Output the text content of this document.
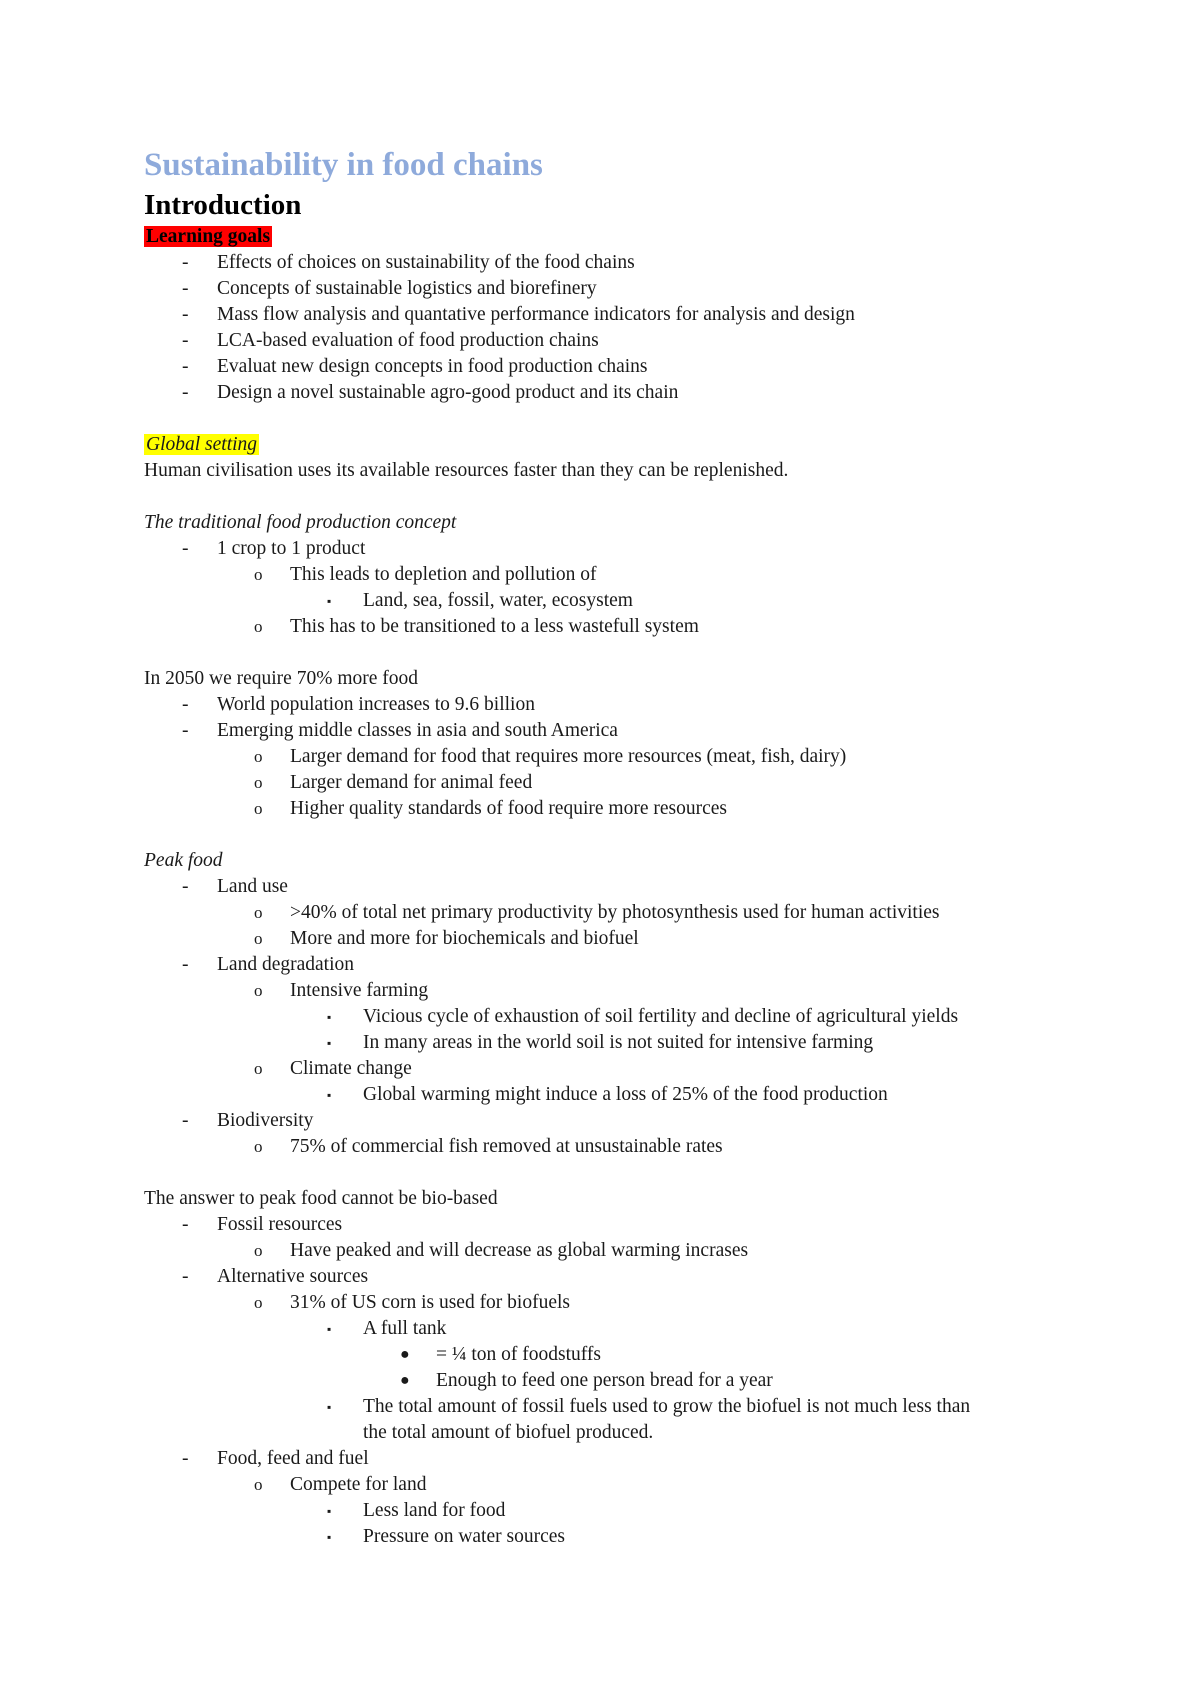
Sustainability in food chains
Introduction
Learning goals
- Effects of choices on sustainability of the food chains
- Concepts of sustainable logistics and biorefinery
- Mass flow analysis and quantative performance indicators for analysis and design
- LCA-based evaluation of food production chains
- Evaluat new design concepts in food production chains
- Design a novel sustainable agro-good product and its chain
Global setting
Human civilisation uses its available resources faster than they can be replenished.
The traditional food production concept
- 1 crop to 1 product
o This leads to depletion and pollution of
▪ Land, sea, fossil, water, ecosystem
o This has to be transitioned to a less wastefull system
In 2050 we require 70% more food
- World population increases to 9.6 billion
- Emerging middle classes in asia and south America
o Larger demand for food that requires more resources (meat, fish, dairy)
o Larger demand for animal feed
o Higher quality standards of food require more resources
Peak food
- Land use
o >40% of total net primary productivity by photosynthesis used for human activities
o More and more for biochemicals and biofuel
- Land degradation
o Intensive farming
▪ Vicious cycle of exhaustion of soil fertility and decline of agricultural yields
▪ In many areas in the world soil is not suited for intensive farming
o Climate change
▪ Global warming might induce a loss of 25% of the food production
- Biodiversity
o 75% of commercial fish removed at unsustainable rates
The answer to peak food cannot be bio-based
- Fossil resources
o Have peaked and will decrease as global warming incrases
- Alternative sources
o 31% of US corn is used for biofuels
▪ A full tank
● = ¼ ton of foodstuffs
● Enough to feed one person bread for a year
▪ The total amount of fossil fuels used to grow the biofuel is not much less than
the total amount of biofuel produced.
- Food, feed and fuel
o Compete for land
▪ Less land for food
▪ Pressure on water sources
